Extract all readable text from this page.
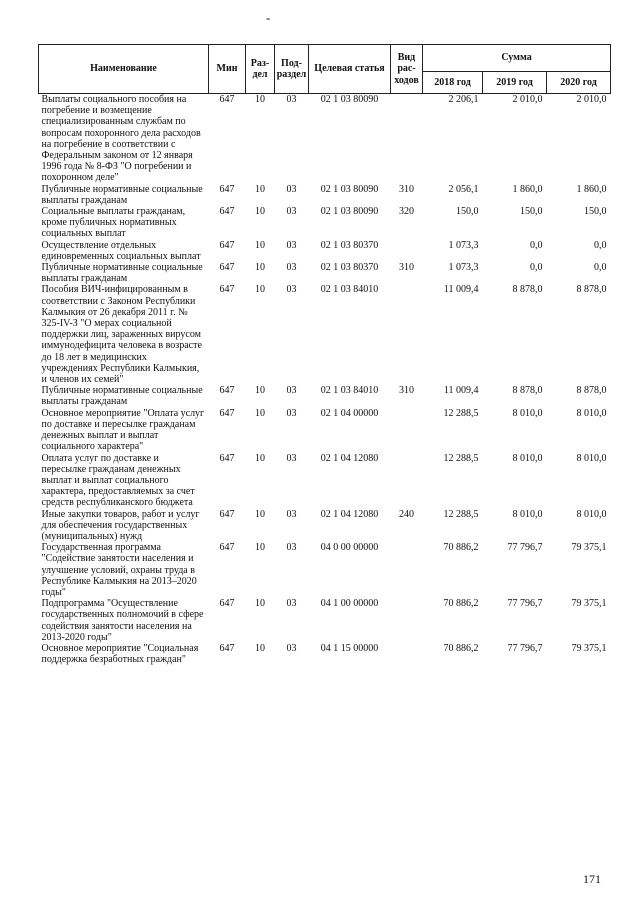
-
Наименование	Мин	Раз-дел	Под-раздел	Целевая статья	Вид рас-ходов	Сумма		
						2018 год	2019 год	2020 год
Выплаты социального пособия на погребение и возмещение специализированным службам по вопросам похоронного дела расходов на погребение в соответствии с Федеральным законом от 12 января 1996 года № 8-ФЗ "О погребении и похоронном деле"	647	10	03	02 1 03 80090		2 206,1	2 010,0	2 010,0
Публичные нормативные социальные выплаты гражданам	647	10	03	02 1 03 80090	310	2 056,1	1 860,0	1 860,0
Социальные выплаты гражданам, кроме публичных нормативных социальных выплат	647	10	03	02 1 03 80090	320	150,0	150,0	150,0
Осуществление отдельных единовременных социальных выплат	647	10	03	02 1 03 80370		1 073,3	0,0	0,0
Публичные нормативные социальные выплаты гражданам	647	10	03	02 1 03 80370	310	1 073,3	0,0	0,0
Пособия ВИЧ-инфицированным в соответствии с Законом Республики Калмыкия от 26 декабря 2011 г. № 325-IV-З "О мерах социальной поддержки лиц, зараженных вирусом иммунодефицита человека в возрасте до 18 лет в медицинских учреждениях Республики Калмыкия, и членов их семей"	647	10	03	02 1 03 84010		11 009,4	8 878,0	8 878,0
Публичные нормативные социальные выплаты гражданам	647	10	03	02 1 03 84010	310	11 009,4	8 878,0	8 878,0
Основное мероприятие "Оплата услуг по доставке и пересылке гражданам денежных выплат и выплат социального характера"	647	10	03	02 1 04 00000		12 288,5	8 010,0	8 010,0
Оплата услуг по доставке и пересылке гражданам денежных выплат и выплат социального характера, предоставляемых за счет средств республиканского бюджета	647	10	03	02 1 04 12080		12 288,5	8 010,0	8 010,0
Иные закупки товаров, работ и услуг для обеспечения государственных (муниципальных) нужд	647	10	03	02 1 04 12080	240	12 288,5	8 010,0	8 010,0
Государственная программа "Содействие занятости населения и улучшение условий, охраны труда в Республике Калмыкия на 2013–2020 годы"	647	10	03	04 0 00 00000		70 886,2	77 796,7	79 375,1
Подпрограмма "Осуществление государственных полномочий в сфере содействия занятости населения на 2013-2020 годы"	647	10	03	04 1 00 00000		70 886,2	77 796,7	79 375,1
Основное мероприятие "Социальная поддержка безработных граждан"	647	10	03	04 1 15 00000		70 886,2	77 796,7	79 375,1
171
